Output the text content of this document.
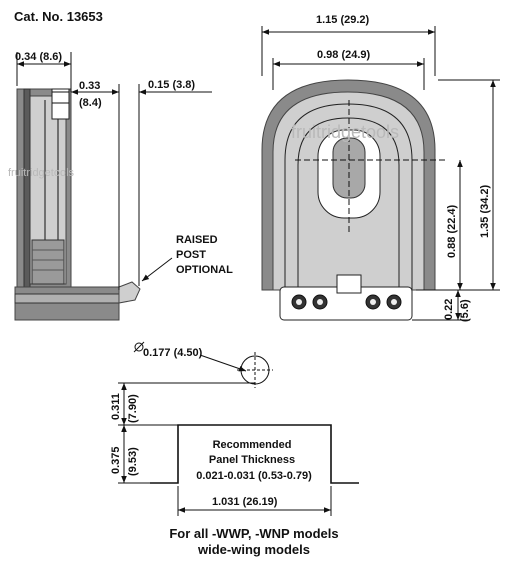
Cat. No. 13653
0.34 (8.6)
0.33
(8.4)
0.15 (3.8)
RAISED
POST
OPTIONAL
1.15 (29.2)
0.98 (24.9)
1.35 (34.2)
0.88 (22.4)
0.22 (5.6)
fruitridgetools
fruitridgetools
0.177 (4.50)
0.311 (7.90)
0.375 (9.53)
Recommended
Panel Thickness
0.021-0.031 (0.53-0.79)
1.031 (26.19)
For all -WWP, -WNP models
wide-wing models
